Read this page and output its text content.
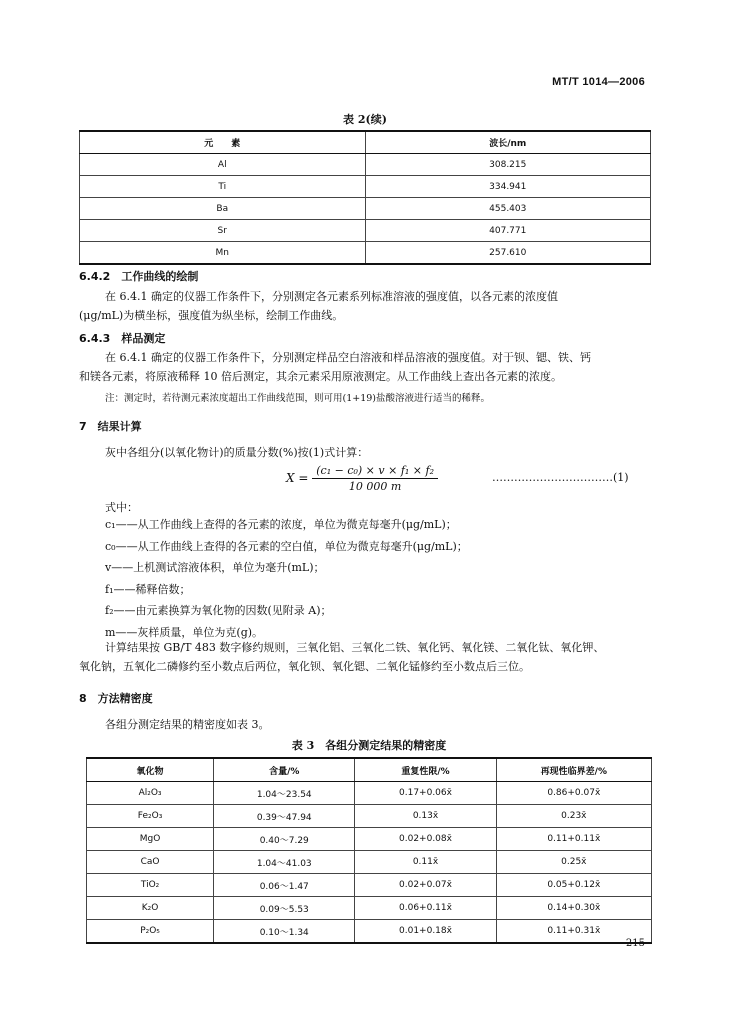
MT/T 1014—2006
表 2(续)
元　　素	波长/nm
Al	308.215
Ti	334.941
Ba	455.403
Sr	407.771
Mn	257.610
6.4.2　工作曲线的绘制
在 6.4.1 确定的仪器工作条件下，分别测定各元素系列标准溶液的强度值，以各元素的浓度值
(μg/mL)为横坐标，强度值为纵坐标，绘制工作曲线。
6.4.3　样品测定
在 6.4.1 确定的仪器工作条件下，分别测定样品空白溶液和样品溶液的强度值。对于钡、锶、铁、钙
和镁各元素，将原液稀释 10 倍后测定，其余元素采用原液测定。从工作曲线上查出各元素的浓度。
注：测定时，若待测元素浓度超出工作曲线范围，则可用(1+19)盐酸溶液进行适当的稀释。
7　结果计算
灰中各组分(以氧化物计)的质量分数(%)按(1)式计算：
$X = \frac{\text{(c₁ − c₀) × v × f₁ × f₂}}{10 000 m}$	……………………………(1)
式中：
c₁——从工作曲线上查得的各元素的浓度，单位为微克每毫升(μg/mL)；
c₀——从工作曲线上查得的各元素的空白值，单位为微克每毫升(μg/mL)；
v——上机测试溶液体积，单位为毫升(mL)；
f₁——稀释倍数；
f₂——由元素换算为氧化物的因数(见附录 A)；
m——灰样质量，单位为克(g)。
计算结果按 GB/T 483 数字修约规则，三氧化铝、三氧化二铁、氧化钙、氧化镁、二氧化钛、氧化钾、
氧化钠，五氧化二磷修约至小数点后两位，氧化钡、氧化锶、二氧化锰修约至小数点后三位。
8　方法精密度
各组分测定结果的精密度如表 3。
表 3　各组分测定结果的精密度
氧化物	含量/%	重复性限/%	再现性临界差/%
Al₂O₃	1.04～23.54	0.17+0.06x̄	0.86+0.07x̄
Fe₂O₃	0.39～47.94	0.13x̄	0.23x̄
MgO	0.40～7.29	0.02+0.08x̄	0.11+0.11x̄
CaO	1.04～41.03	0.11x̄	0.25x̄
TiO₂	0.06～1.47	0.02+0.07x̄	0.05+0.12x̄
K₂O	0.09～5.53	0.06+0.11x̄	0.14+0.30x̄
P₂O₅	0.10～1.34	0.01+0.18x̄	0.11+0.31x̄
215
